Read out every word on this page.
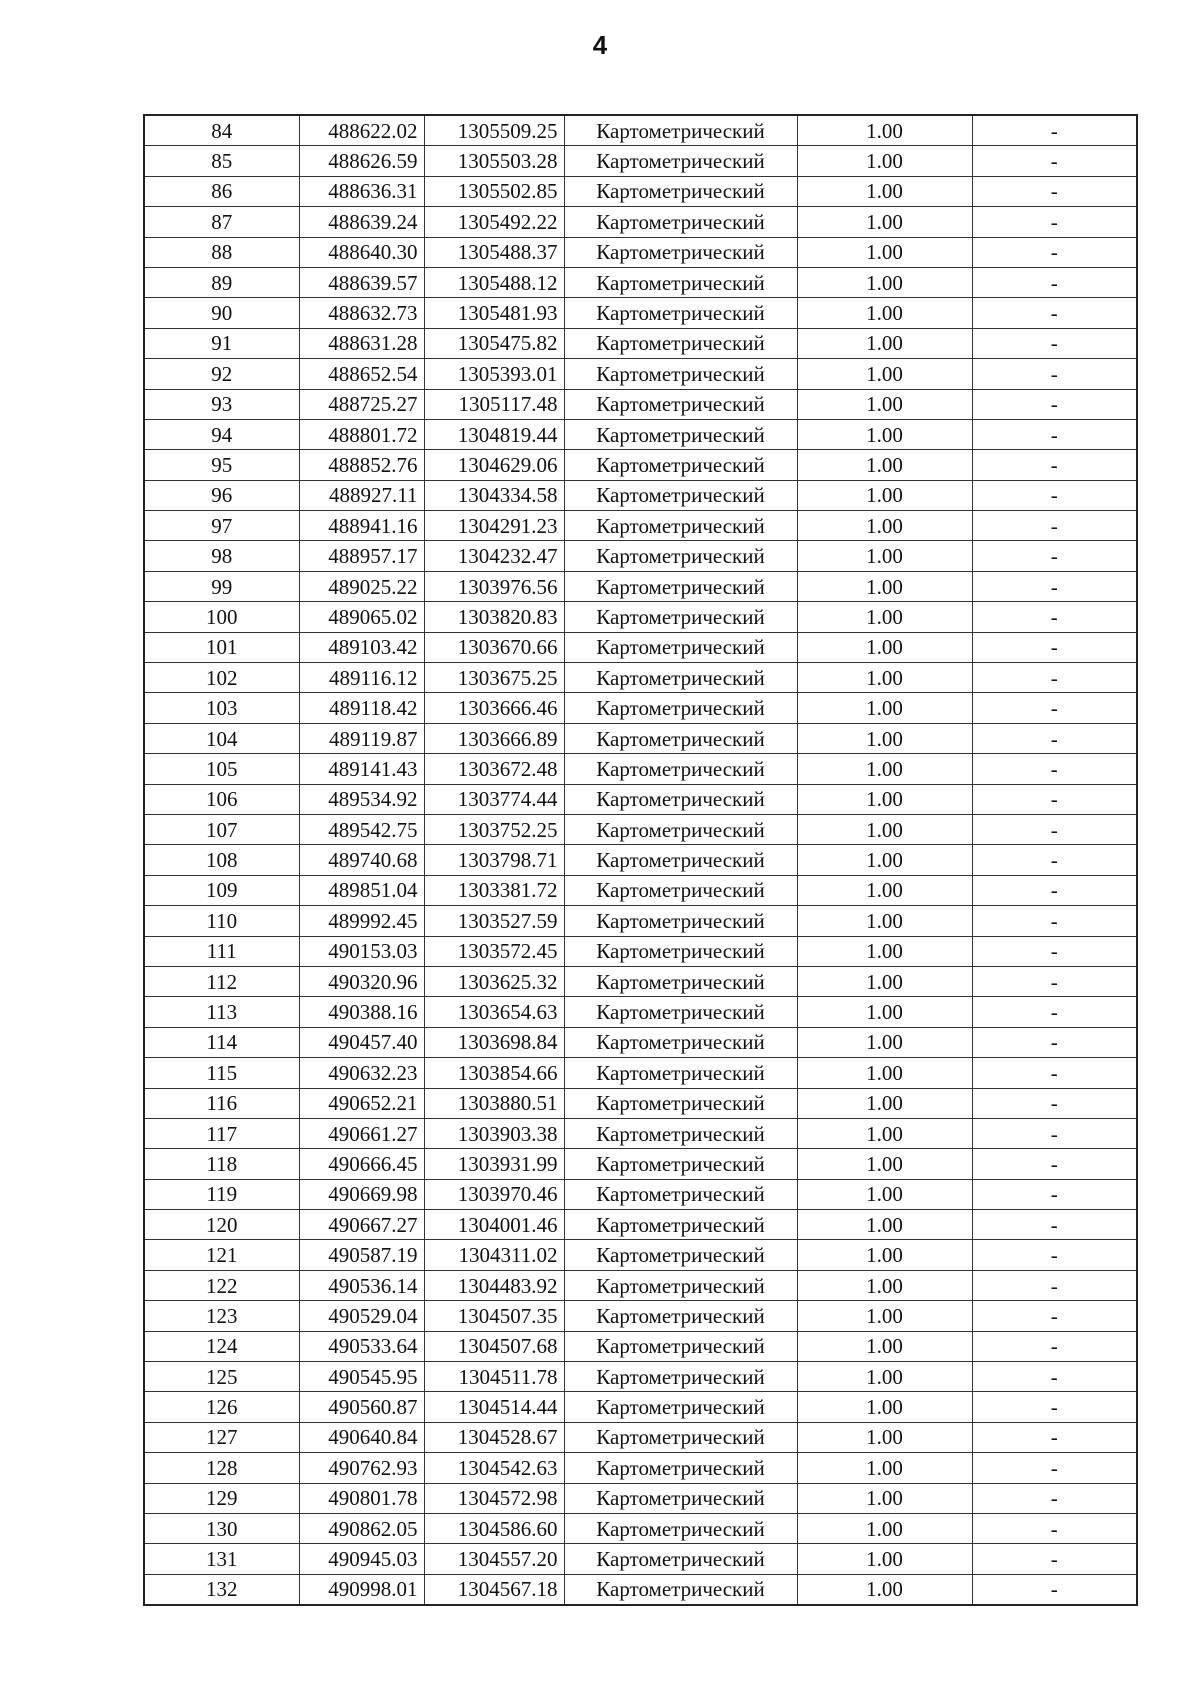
4
84	488622.02	1305509.25	Картометрический	1.00	-
85	488626.59	1305503.28	Картометрический	1.00	-
86	488636.31	1305502.85	Картометрический	1.00	-
87	488639.24	1305492.22	Картометрический	1.00	-
88	488640.30	1305488.37	Картометрический	1.00	-
89	488639.57	1305488.12	Картометрический	1.00	-
90	488632.73	1305481.93	Картометрический	1.00	-
91	488631.28	1305475.82	Картометрический	1.00	-
92	488652.54	1305393.01	Картометрический	1.00	-
93	488725.27	1305117.48	Картометрический	1.00	-
94	488801.72	1304819.44	Картометрический	1.00	-
95	488852.76	1304629.06	Картометрический	1.00	-
96	488927.11	1304334.58	Картометрический	1.00	-
97	488941.16	1304291.23	Картометрический	1.00	-
98	488957.17	1304232.47	Картометрический	1.00	-
99	489025.22	1303976.56	Картометрический	1.00	-
100	489065.02	1303820.83	Картометрический	1.00	-
101	489103.42	1303670.66	Картометрический	1.00	-
102	489116.12	1303675.25	Картометрический	1.00	-
103	489118.42	1303666.46	Картометрический	1.00	-
104	489119.87	1303666.89	Картометрический	1.00	-
105	489141.43	1303672.48	Картометрический	1.00	-
106	489534.92	1303774.44	Картометрический	1.00	-
107	489542.75	1303752.25	Картометрический	1.00	-
108	489740.68	1303798.71	Картометрический	1.00	-
109	489851.04	1303381.72	Картометрический	1.00	-
110	489992.45	1303527.59	Картометрический	1.00	-
111	490153.03	1303572.45	Картометрический	1.00	-
112	490320.96	1303625.32	Картометрический	1.00	-
113	490388.16	1303654.63	Картометрический	1.00	-
114	490457.40	1303698.84	Картометрический	1.00	-
115	490632.23	1303854.66	Картометрический	1.00	-
116	490652.21	1303880.51	Картометрический	1.00	-
117	490661.27	1303903.38	Картометрический	1.00	-
118	490666.45	1303931.99	Картометрический	1.00	-
119	490669.98	1303970.46	Картометрический	1.00	-
120	490667.27	1304001.46	Картометрический	1.00	-
121	490587.19	1304311.02	Картометрический	1.00	-
122	490536.14	1304483.92	Картометрический	1.00	-
123	490529.04	1304507.35	Картометрический	1.00	-
124	490533.64	1304507.68	Картометрический	1.00	-
125	490545.95	1304511.78	Картометрический	1.00	-
126	490560.87	1304514.44	Картометрический	1.00	-
127	490640.84	1304528.67	Картометрический	1.00	-
128	490762.93	1304542.63	Картометрический	1.00	-
129	490801.78	1304572.98	Картометрический	1.00	-
130	490862.05	1304586.60	Картометрический	1.00	-
131	490945.03	1304557.20	Картометрический	1.00	-
132	490998.01	1304567.18	Картометрический	1.00	-
